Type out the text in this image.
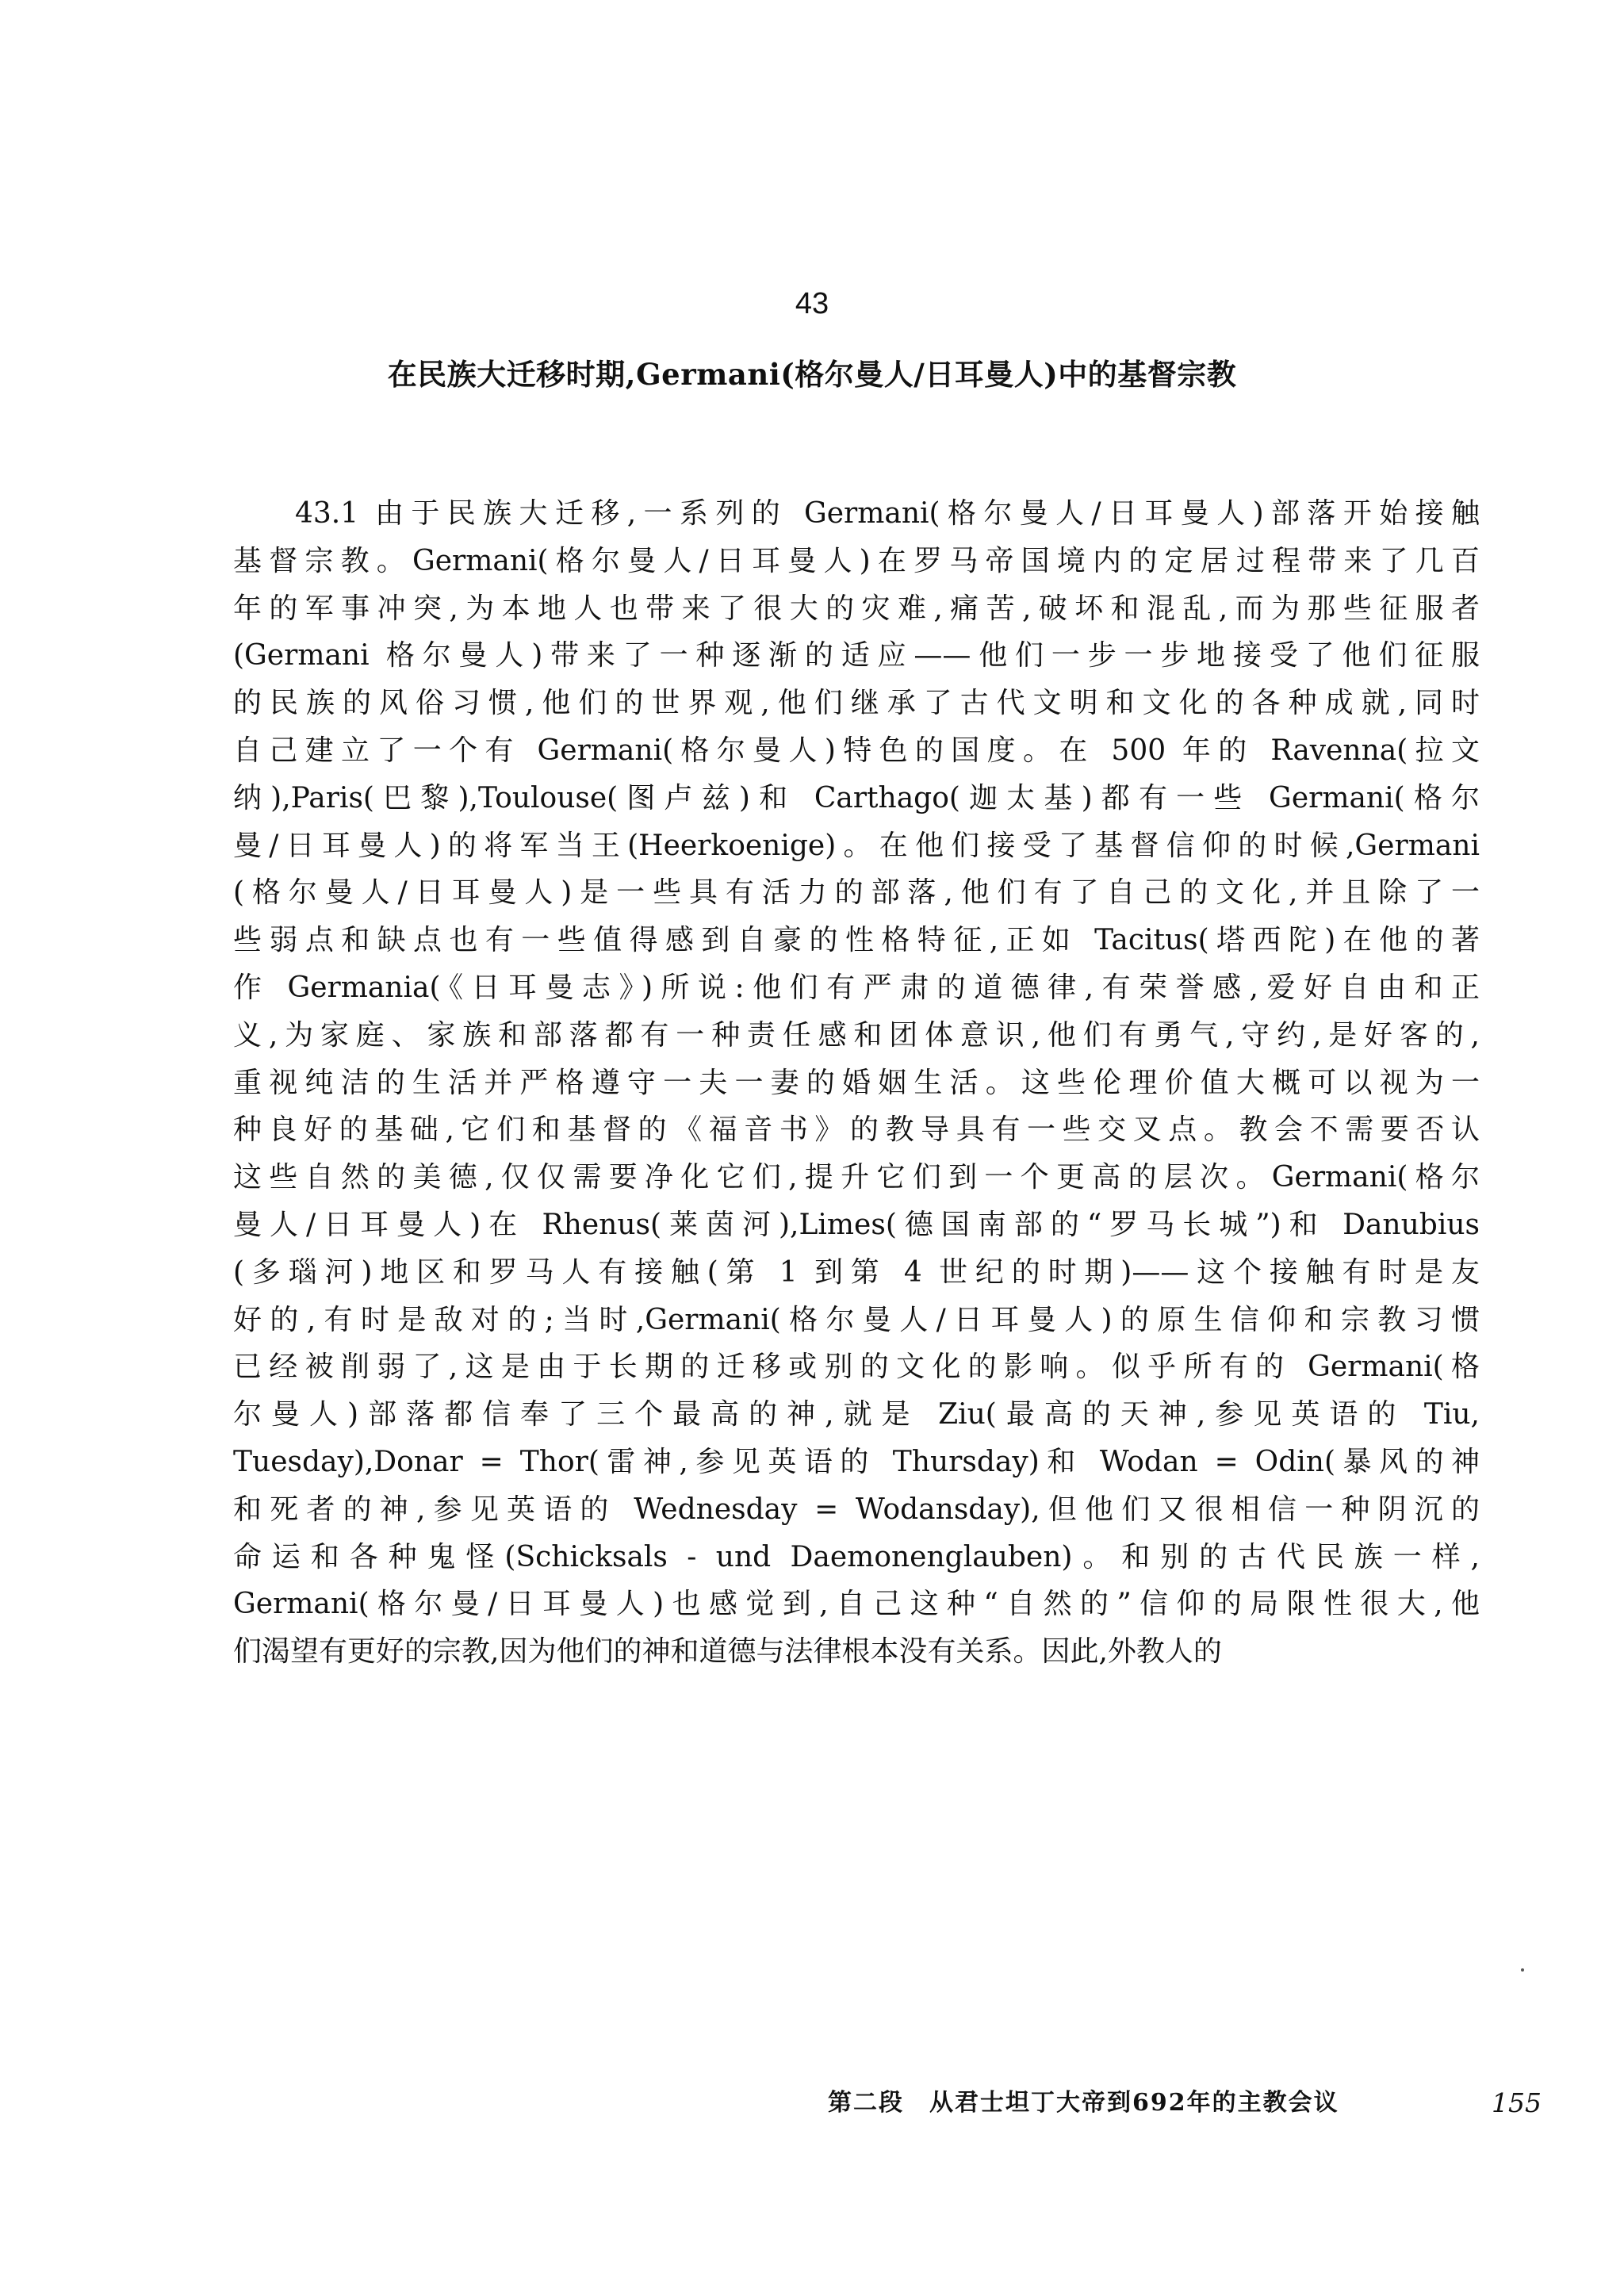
43
在民族大迁移时期,Germani(格尔曼人/日耳曼人)中的基督宗教
43.1 由于民族大迁移,一系列的 Germani(格尔曼人/日耳曼人)部落开始接触
基督宗教。Germani(格尔曼人/日耳曼人)在罗马帝国境内的定居过程带来了几百
年的军事冲突,为本地人也带来了很大的灾难,痛苦,破坏和混乱,而为那些征服者
(Germani 格尔曼人)带来了一种逐渐的适应——他们一步一步地接受了他们征服
的民族的风俗习惯,他们的世界观,他们继承了古代文明和文化的各种成就,同时
自己建立了一个有 Germani(格尔曼人)特色的国度。在 500 年的 Ravenna(拉文
纳),Paris(巴黎),Toulouse(图卢兹)和 Carthago(迦太基)都有一些 Germani(格尔
曼/日耳曼人)的将军当王(Heerkoenige)。在他们接受了基督信仰的时候,Germani
(格尔曼人/日耳曼人)是一些具有活力的部落,他们有了自己的文化,并且除了一
些弱点和缺点也有一些值得感到自豪的性格特征,正如 Tacitus(塔西陀)在他的著
作 Germania(《日耳曼志》)所说:他们有严肃的道德律,有荣誉感,爱好自由和正
义,为家庭、家族和部落都有一种责任感和团体意识,他们有勇气,守约,是好客的,
重视纯洁的生活并严格遵守一夫一妻的婚姻生活。这些伦理价值大概可以视为一
种良好的基础,它们和基督的《福音书》的教导具有一些交叉点。教会不需要否认
这些自然的美德,仅仅需要净化它们,提升它们到一个更高的层次。Germani(格尔
曼人/日耳曼人)在 Rhenus(莱茵河),Limes(德国南部的“罗马长城”)和 Danubius
(多瑙河)地区和罗马人有接触(第 1 到第 4 世纪的时期)——这个接触有时是友
好的,有时是敌对的;当时,Germani(格尔曼人/日耳曼人)的原生信仰和宗教习惯
已经被削弱了,这是由于长期的迁移或别的文化的影响。似乎所有的 Germani(格
尔曼人)部落都信奉了三个最高的神,就是 Ziu(最高的天神,参见英语的 Tiu,
Tuesday),Donar = Thor(雷神,参见英语的 Thursday)和 Wodan = Odin(暴风的神
和死者的神,参见英语的 Wednesday = Wodansday),但他们又很相信一种阴沉的
命运和各种鬼怪(Schicksals - und Daemonenglauben)。和别的古代民族一样,
Germani(格尔曼/日耳曼人)也感觉到,自己这种“自然的”信仰的局限性很大,他
们渴望有更好的宗教,因为他们的神和道德与法律根本没有关系。因此,外教人的
第二段　从君士坦丁大帝到692年的主教会议	155
